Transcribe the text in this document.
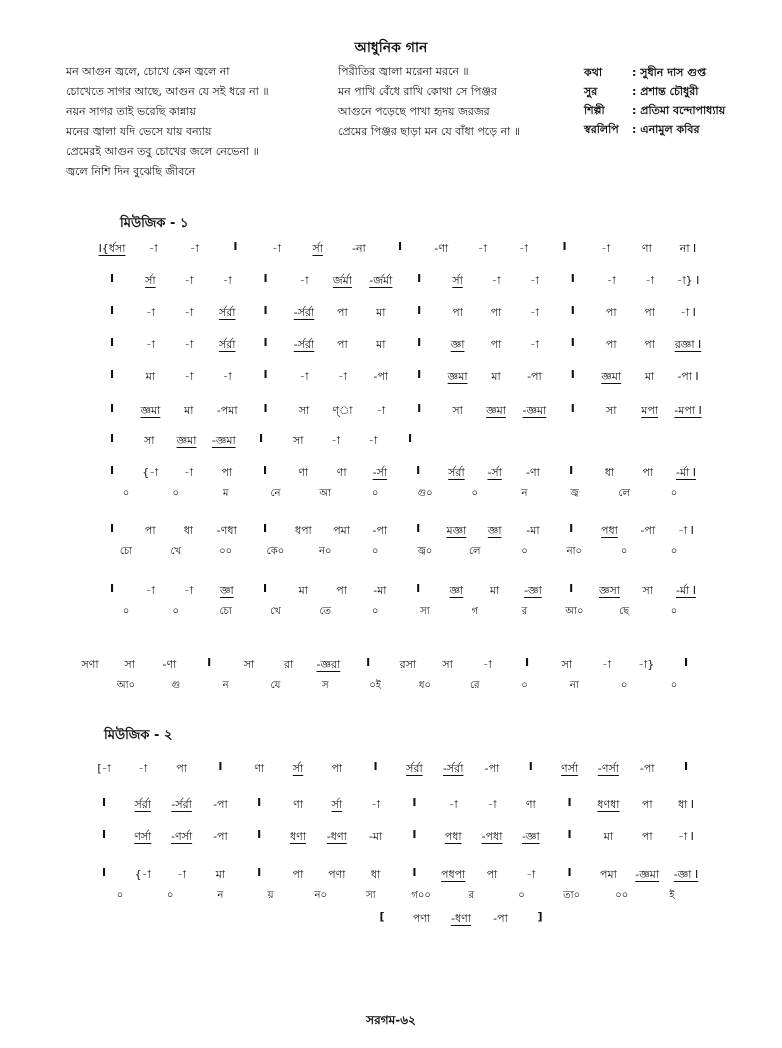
আধুনিক গান
মন আগুন জ্বলে, চোখে কেন জ্বলে না
চোখেতে সাগর আছে, আগুন যে সই ধরে না ॥
নয়ন সাগর তাই ভরেছি কান্নায়
মনের জ্বালা যদি ভেসে যায় বন্যায়
প্রেমেরই আগুন তবু চোখের জলে নেভেনা ॥
জ্বলে নিশি দিন বুঝেছি জীবনে
পিরীতির জ্বালা মরেনা মরনে ॥
মন পাখি বেঁধে রাখি কোথা সে পিঞ্জর
আগুনে পড়েছে পাখা হৃদয় জরজর
প্রেমের পিঞ্জর ছাড়া মন যে বাঁধা পড়ে না ॥
কথা	: সুধীন দাস গুপ্ত
সুর	: প্রশান্ত চৌধুরী
শিল্পী : প্রতিমা বন্দোপাধ্যায়
স্বরলিপি : এনামুল কবির
মিউজিক - ১
মিউজিক - ২
I{র্ধসা -া	-া	I	-া	র্সা	-না	I	-ণা	-া	-া	I	-া	ণা	না I
I	র্সা	-া	-া	I	-া র্জর্মা -র্জর্মা I	র্সা	-া	-া	I	-া	-া -া} I
I	-া	-া র্সর্রা	I -র্সর্রা পা	মা	I	পা	পা	-া	I	পা	পা -া I
I	-া	-া র্সর্রা	I -র্সর্রা পা	মা	I	জ্ঞা পা	-া	I	পা	পা রজ্ঞা I
I	মা	-া	-া	I	-া	-া -পা	I জ্ঞমা মা -পা	I জ্ঞমা মা -পা I
I জ্ঞমা মা -পমা I	সা ণ্া -া	I	সা জ্ঞমা -জ্ঞমা I	সা মপা -মপা I
I	সা জ্ঞমা -জ্ঞমা I	সা -া	-া	I
I	{-া -া	পা	I	ণা	ণা -র্সা	I	র্সর্রা -র্সা -ণা	I	ধা	পা -র্মা I
০	০	ম	নে	আ	০	গু০	০	ন	জ্ব	লে	০
I	পা	ধা -ণধা I	ধপা পমা -পা	I মজ্ঞা জ্ঞা -মা	I	পধা -পা -া I
চো	খে	০০	কে০	ন০	০	জ্ব০	লে	০	না০	০	০
I	-া	-া জ্ঞা	I	মা	পা -মা	I	জ্ঞা মা -জ্ঞা I জ্ঞসা সা -র্মা I
০	০	চো	খে	তে	০	সা	গ	র	আ০	ছে	০
সণা সা	-ণা	I	সা	রা -জ্ঞরা I	রসা সা	-া	I	সা	-া -া}	I
আ০	গু	ন	যে	স	০ই	ধ০	রে	০	না	০	০
[-া	-া	পা	I	ণা	র্সা	পা	I	র্সর্রা -র্সর্রা -পা	I	ণর্সা -ণর্সা -পা	I
I	র্সর্রা -র্সর্রা -পা	I	ণা	র্সা	-া	I	-া	-া	ণা	I ধণধা পা ধা I
I	ণর্সা -ণর্সা -পা	I	ধণা -ধণা -মা	I	পধা -পধা -জ্ঞা	I	মা	পা -া I
I	{-া -া	মা	I	পা পণা ধা	I পধপা পা	-া	I	পমা -জ্ঞমা -জ্ঞা I
০	০	ন	য়	ন০	সা	গ০০	র	০	তা০	০০	ই
[	পণা -ধণা -পা	]
সরগম-৬২
